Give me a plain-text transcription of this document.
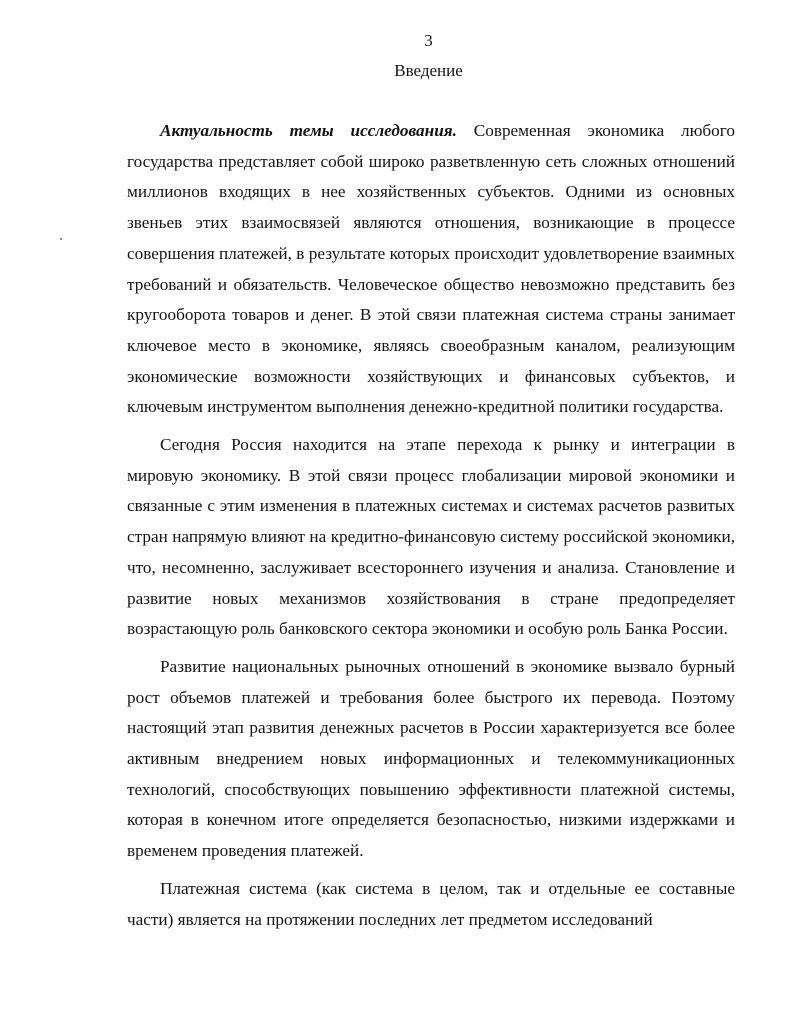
3
Введение

Актуальность темы исследования. Современная экономика любого государства представляет собой широко разветвленную сеть сложных отношений миллионов входящих в нее хозяйственных субъектов. Одними из основных звеньев этих взаимосвязей являются отношения, возникающие в процессе совершения платежей, в результате которых происходит удовлетворение взаимных требований и обязательств. Человеческое общество невозможно представить без кругооборота товаров и денег. В этой связи платежная система страны занимает ключевое место в экономике, являясь своеобразным каналом, реализующим экономические возможности хозяйствующих и финансовых субъектов, и ключевым инструментом выполнения денежно-кредитной политики государства.

Сегодня Россия находится на этапе перехода к рынку и интеграции в мировую экономику. В этой связи процесс глобализации мировой экономики и связанные с этим изменения в платежных системах и системах расчетов развитых стран напрямую влияют на кредитно-финансовую систему российской экономики, что, несомненно, заслуживает всестороннего изучения и анализа. Становление и развитие новых механизмов хозяйствования в стране предопределяет возрастающую роль банковского сектора экономики и особую роль Банка России.

Развитие национальных рыночных отношений в экономике вызвало бурный рост объемов платежей и требования более быстрого их перевода. Поэтому настоящий этап развития денежных расчетов в России характеризуется все более активным внедрением новых информационных и телекоммуникационных технологий, способствующих повышению эффективности платежной системы, которая в конечном итоге определяется безопасностью, низкими издержками и временем проведения платежей.

Платежная система (как система в целом, так и отдельные ее составные части) является на протяжении последних лет предметом исследований
